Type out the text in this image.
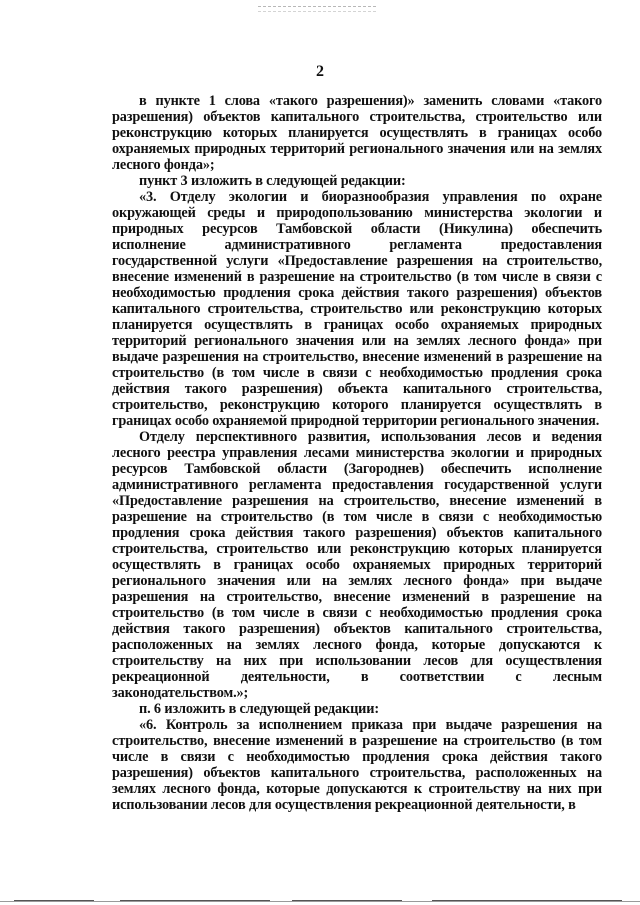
2

в пункте 1 слова «такого разрешения)» заменить словами «такого разрешения) объектов капитального строительства, строительство или реконструкцию которых планируется осуществлять в границах особо охраняемых природных территорий регионального значения или на землях лесного фонда»;

пункт 3 изложить в следующей редакции:

«3. Отделу экологии и биоразнообразия управления по охране окружающей среды и природопользованию министерства экологии и природных ресурсов Тамбовской области (Никулина) обеспечить исполнение административного регламента предоставления государственной услуги «Предоставление разрешения на строительство, внесение изменений в разрешение на строительство (в том числе в связи с необходимостью продления срока действия такого разрешения) объектов капитального строительства, строительство или реконструкцию которых планируется осуществлять в границах особо охраняемых природных территорий регионального значения или на землях лесного фонда» при выдаче разрешения на строительство, внесение изменений в разрешение на строительство (в том числе в связи с необходимостью продления срока действия такого разрешения) объекта капитального строительства, строительство, реконструкцию которого планируется осуществлять в границах особо охраняемой природной территории регионального значения.

Отделу перспективного развития, использования лесов и ведения лесного реестра управления лесами министерства экологии и природных ресурсов Тамбовской области (Загороднев) обеспечить исполнение административного регламента предоставления государственной услуги «Предоставление разрешения на строительство, внесение изменений в разрешение на строительство (в том числе в связи с необходимостью продления срока действия такого разрешения) объектов капитального строительства, строительство или реконструкцию которых планируется осуществлять в границах особо охраняемых природных территорий регионального значения или на землях лесного фонда» при выдаче разрешения на строительство, внесение изменений в разрешение на строительство (в том числе в связи с необходимостью продления срока действия такого разрешения) объектов капитального строительства, расположенных на землях лесного фонда, которые допускаются к строительству на них при использовании лесов для осуществления рекреационной деятельности, в соответствии с лесным законодательством.»;

п. 6 изложить в следующей редакции:

«6. Контроль за исполнением приказа при выдаче разрешения на строительство, внесение изменений в разрешение на строительство (в том числе в связи с необходимостью продления срока действия такого разрешения) объектов капитального строительства, расположенных на землях лесного фонда, которые допускаются к строительству на них при использовании лесов для осуществления рекреационной деятельности, в
